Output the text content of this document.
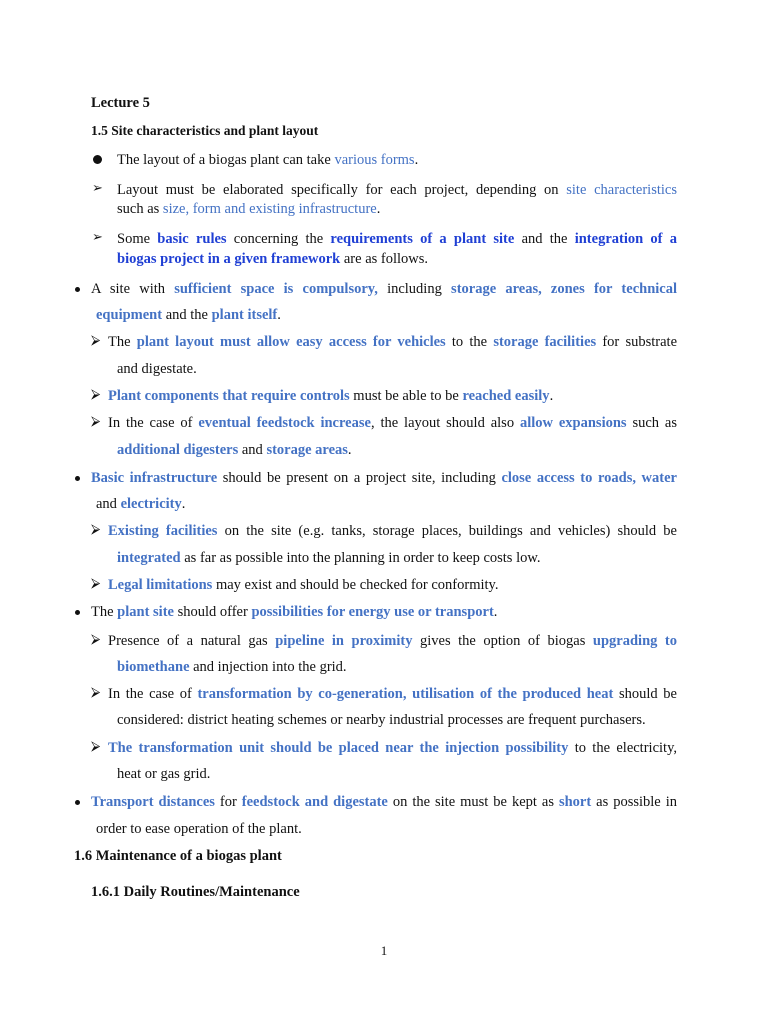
Lecture 5
1.5 Site characteristics and plant layout
The layout of a biogas plant can take various forms.
➢ Layout must be elaborated specifically for each project, depending on site characteristics
such as size, form and existing infrastructure.
➢ Some basic rules concerning the requirements of a plant site and the integration of a
biogas project in a given framework are as follows.
A site with sufficient space is compulsory, including storage areas, zones for technical
equipment and the plant itself.
⮚ The plant layout must allow easy access for vehicles to the storage facilities for substrate
and digestate.
⮚ Plant components that require controls must be able to be reached easily.
⮚ In the case of eventual feedstock increase, the layout should also allow expansions such as
additional digesters and storage areas.
Basic infrastructure should be present on a project site, including close access to roads, water
and electricity.
⮚ Existing facilities on the site (e.g. tanks, storage places, buildings and vehicles) should be
integrated as far as possible into the planning in order to keep costs low.
⮚ Legal limitations may exist and should be checked for conformity.
The plant site should offer possibilities for energy use or transport.
⮚ Presence of a natural gas pipeline in proximity gives the option of biogas upgrading to
biomethane and injection into the grid.
⮚ In the case of transformation by co-generation, utilisation of the produced heat should be
considered: district heating schemes or nearby industrial processes are frequent purchasers.
⮚ The transformation unit should be placed near the injection possibility to the electricity,
heat or gas grid.
Transport distances for feedstock and digestate on the site must be kept as short as possible in
order to ease operation of the plant.
1.6 Maintenance of a biogas plant
1.6.1 Daily Routines/Maintenance
1
